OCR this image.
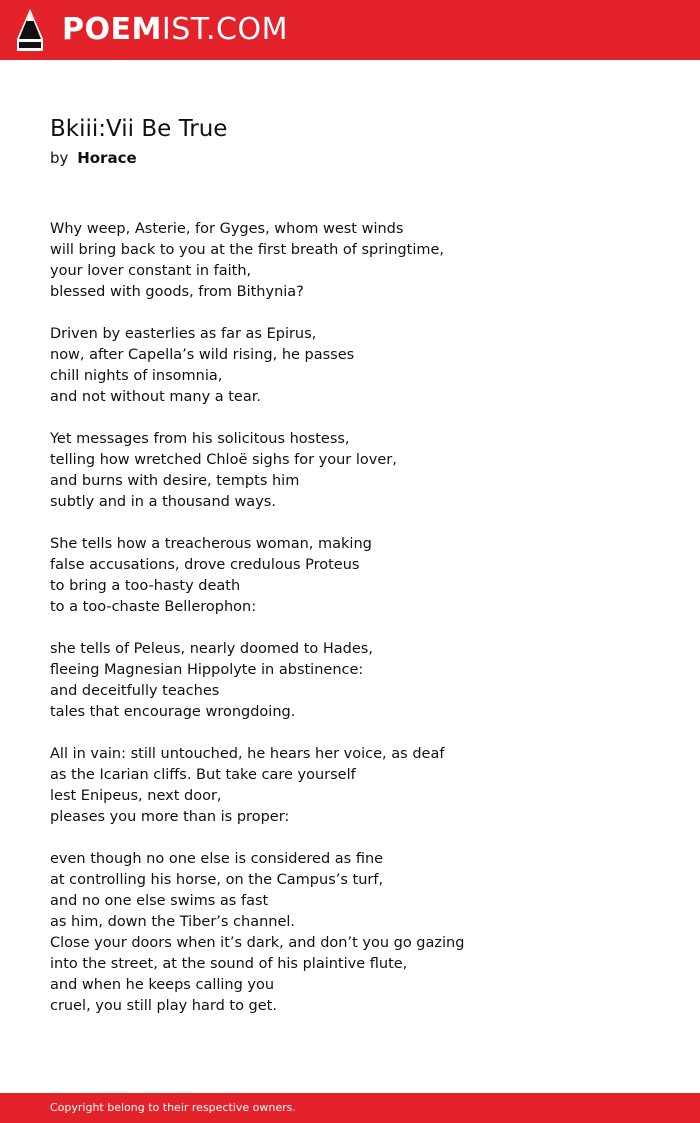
POEMIST.COM
Bkiii:Vii Be True
by Horace

Why weep, Asterie, for Gyges, whom west winds
will bring back to you at the first breath of springtime,
your lover constant in faith,
blessed with goods, from Bithynia?

Driven by easterlies as far as Epirus,
now, after Capella’s wild rising, he passes
chill nights of insomnia,
and not without many a tear.

Yet messages from his solicitous hostess,
telling how wretched Chloë sighs for your lover,
and burns with desire, tempts him
subtly and in a thousand ways.

She tells how a treacherous woman, making
false accusations, drove credulous Proteus
to bring a too-hasty death
to a too-chaste Bellerophon:

she tells of Peleus, nearly doomed to Hades,
fleeing Magnesian Hippolyte in abstinence:
and deceitfully teaches
tales that encourage wrongdoing.

All in vain: still untouched, he hears her voice, as deaf
as the Icarian cliffs. But take care yourself
lest Enipeus, next door,
pleases you more than is proper:

even though no one else is considered as fine
at controlling his horse, on the Campus’s turf,
and no one else swims as fast
as him, down the Tiber’s channel.
Close your doors when it’s dark, and don’t you go gazing
into the street, at the sound of his plaintive flute,
and when he keeps calling you
cruel, you still play hard to get.

Copyright belong to their respective owners.
